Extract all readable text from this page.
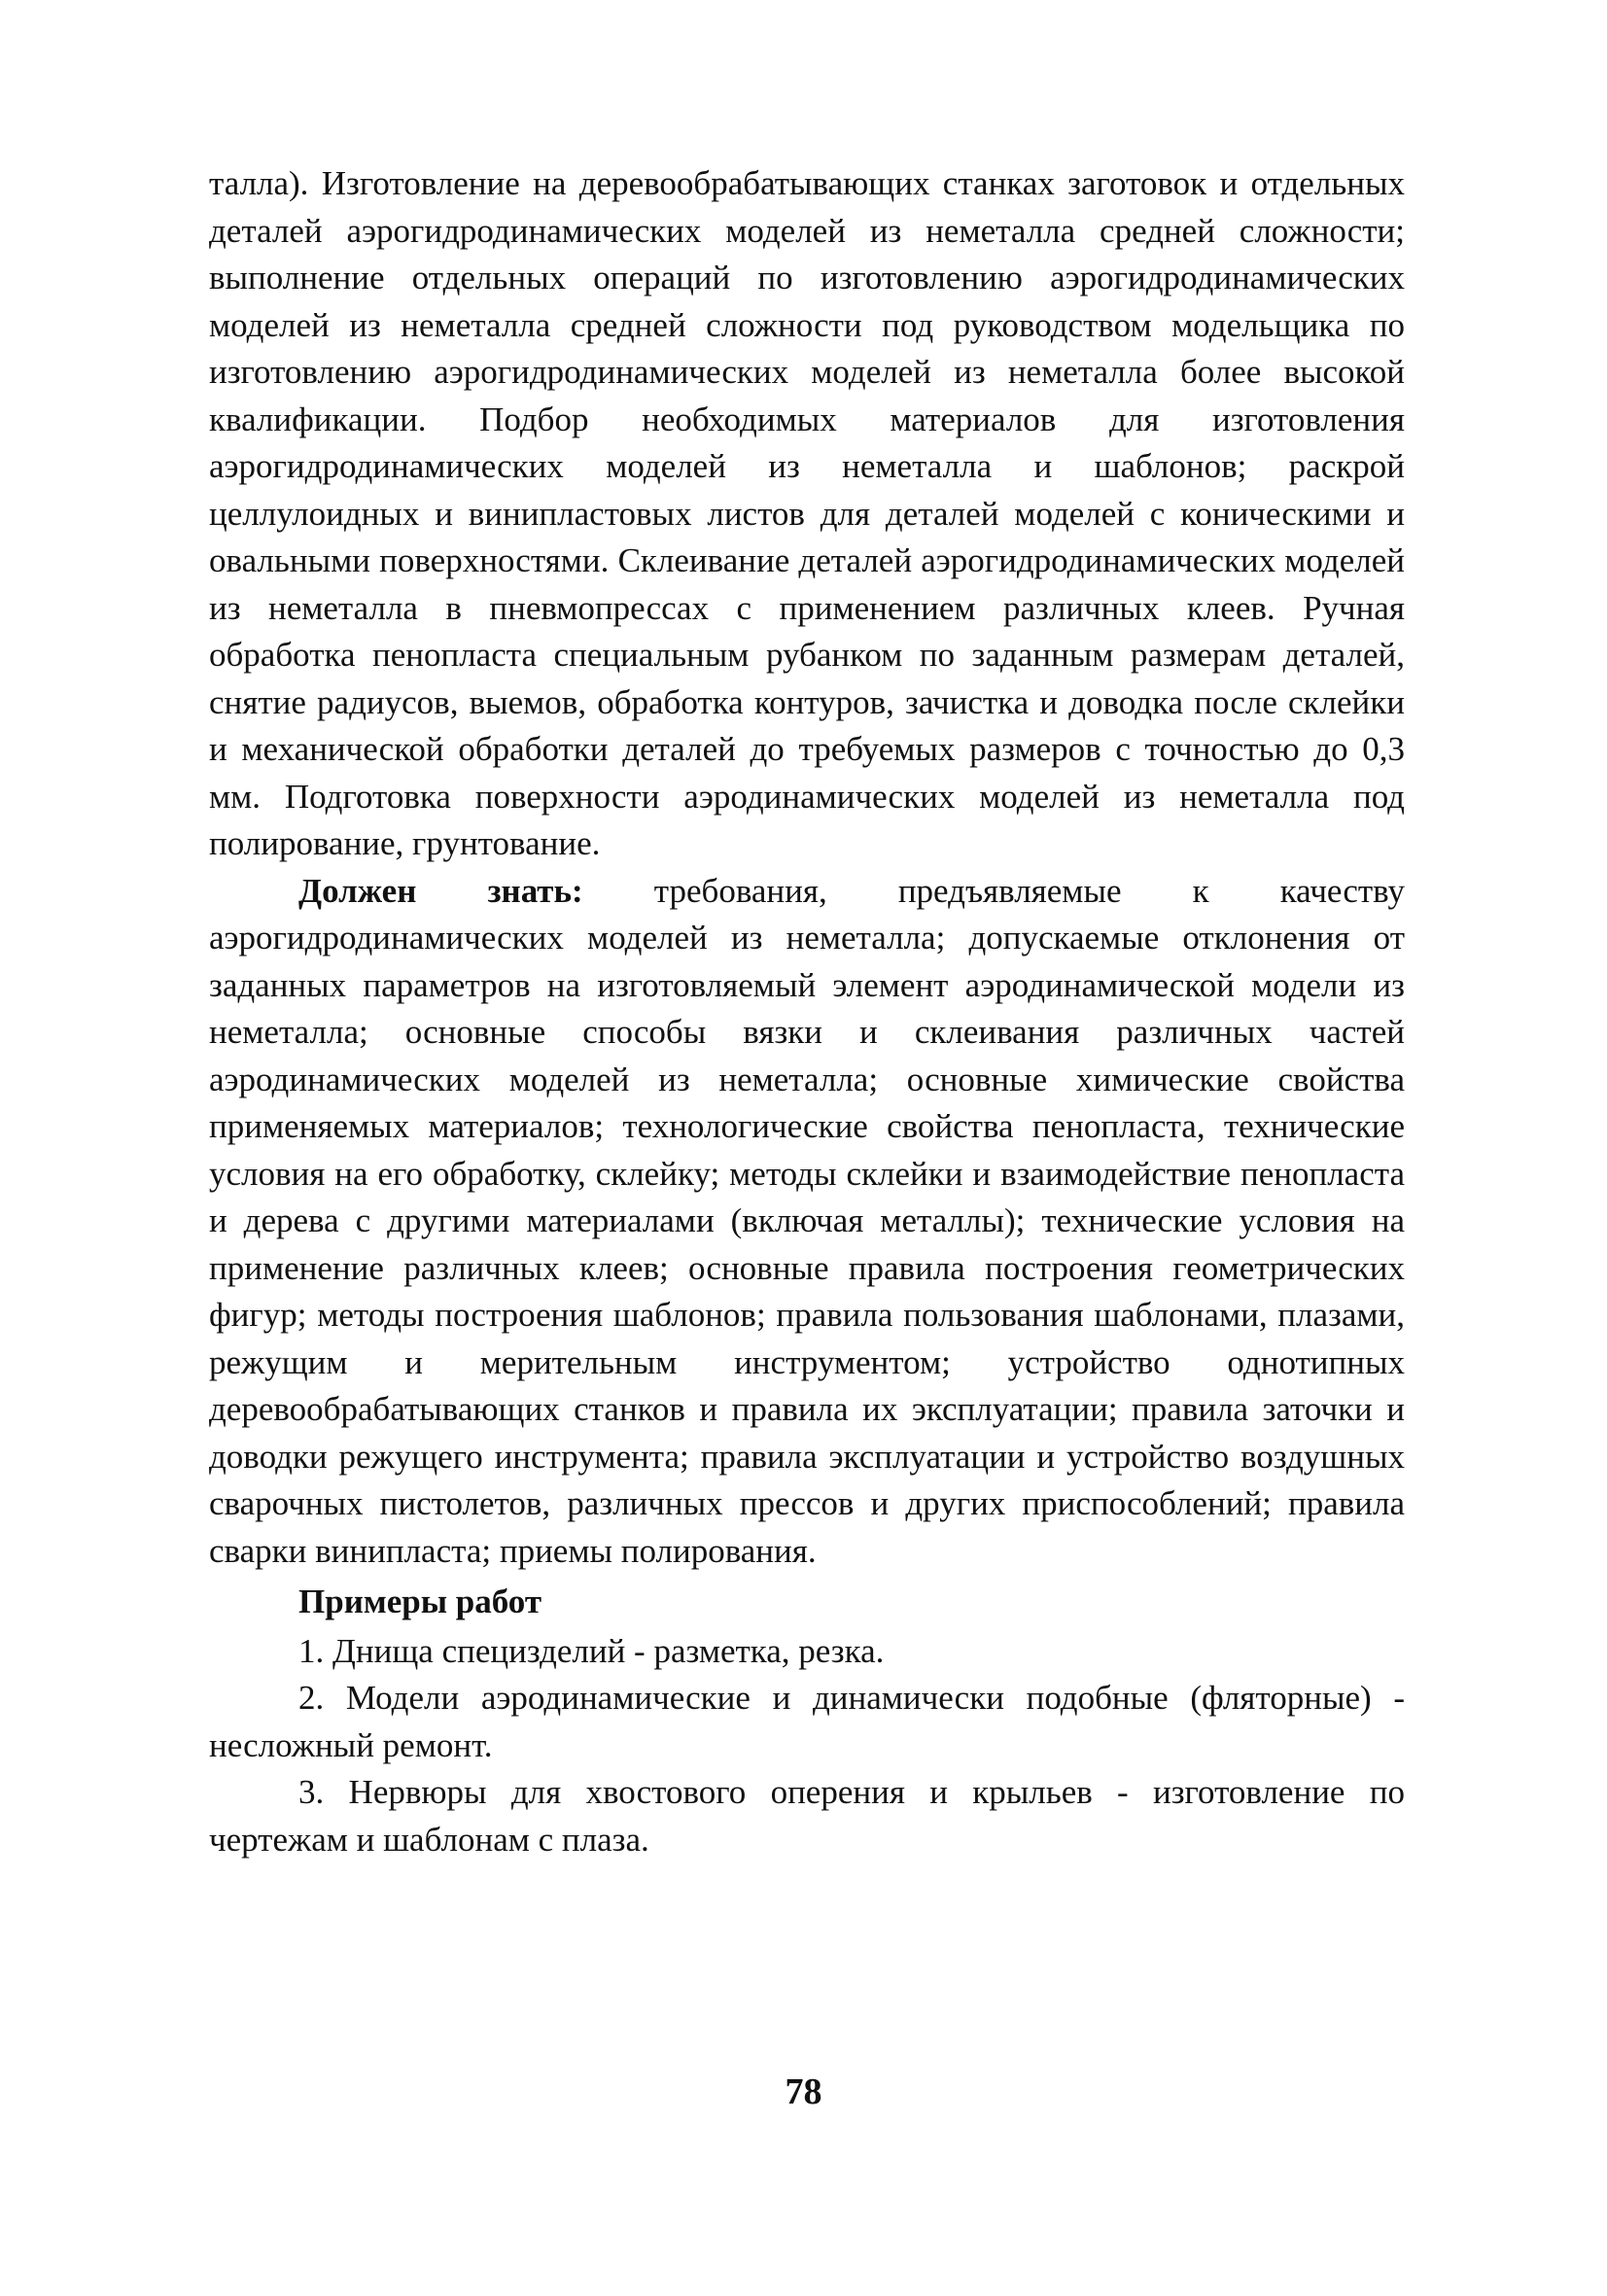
талла). Изготовление на деревообрабатывающих станках заготовок и отдельных деталей аэрогидродинамических моделей из неметалла средней сложности; выполнение отдельных операций по изготовлению аэрогидродинамических моделей из неметалла средней сложности под руководством модельщика по изготовлению аэрогидродинамических моделей из неметалла более высокой квалификации. Подбор необходимых материалов для изготовления аэрогидродинамических моделей из неметалла и шаблонов; раскрой целлулоидных и винипластовых листов для деталей моделей с коническими и овальными поверхностями. Склеивание деталей аэрогидродинамических моделей из неметалла в пневмопрессах с применением различных клеев. Ручная обработка пенопласта специальным рубанком по заданным размерам деталей, снятие радиусов, выемов, обработка контуров, зачистка и доводка после склейки и механической обработки деталей до требуемых размеров с точностью до 0,3 мм. Подготовка поверхности аэродинамических моделей из неметалла под полирование, грунтование.

Должен знать: требования, предъявляемые к качеству аэрогидродинамических моделей из неметалла; допускаемые отклонения от заданных параметров на изготовляемый элемент аэродинамической модели из неметалла; основные способы вязки и склеивания различных частей аэродинамических моделей из неметалла; основные химические свойства применяемых материалов; технологические свойства пенопласта, технические условия на его обработку, склейку; методы склейки и взаимодействие пенопласта и дерева с другими материалами (включая металлы); технические условия на применение различных клеев; основные правила построения геометрических фигур; методы построения шаблонов; правила пользования шаблонами, плазами, режущим и мерительным инструментом; устройство однотипных деревообрабатывающих станков и правила их эксплуатации; правила заточки и доводки режущего инструмента; правила эксплуатации и устройство воздушных сварочных пистолетов, различных прессов и других приспособлений; правила сварки винипласта; приемы полирования.

Примеры работ

1. Днища специзделий - разметка, резка.

2. Модели аэродинамические и динамически подобные (фляторные) - несложный ремонт.

3. Нервюры для хвостового оперения и крыльев - изготовление по чертежам и шаблонам с плаза.

78
